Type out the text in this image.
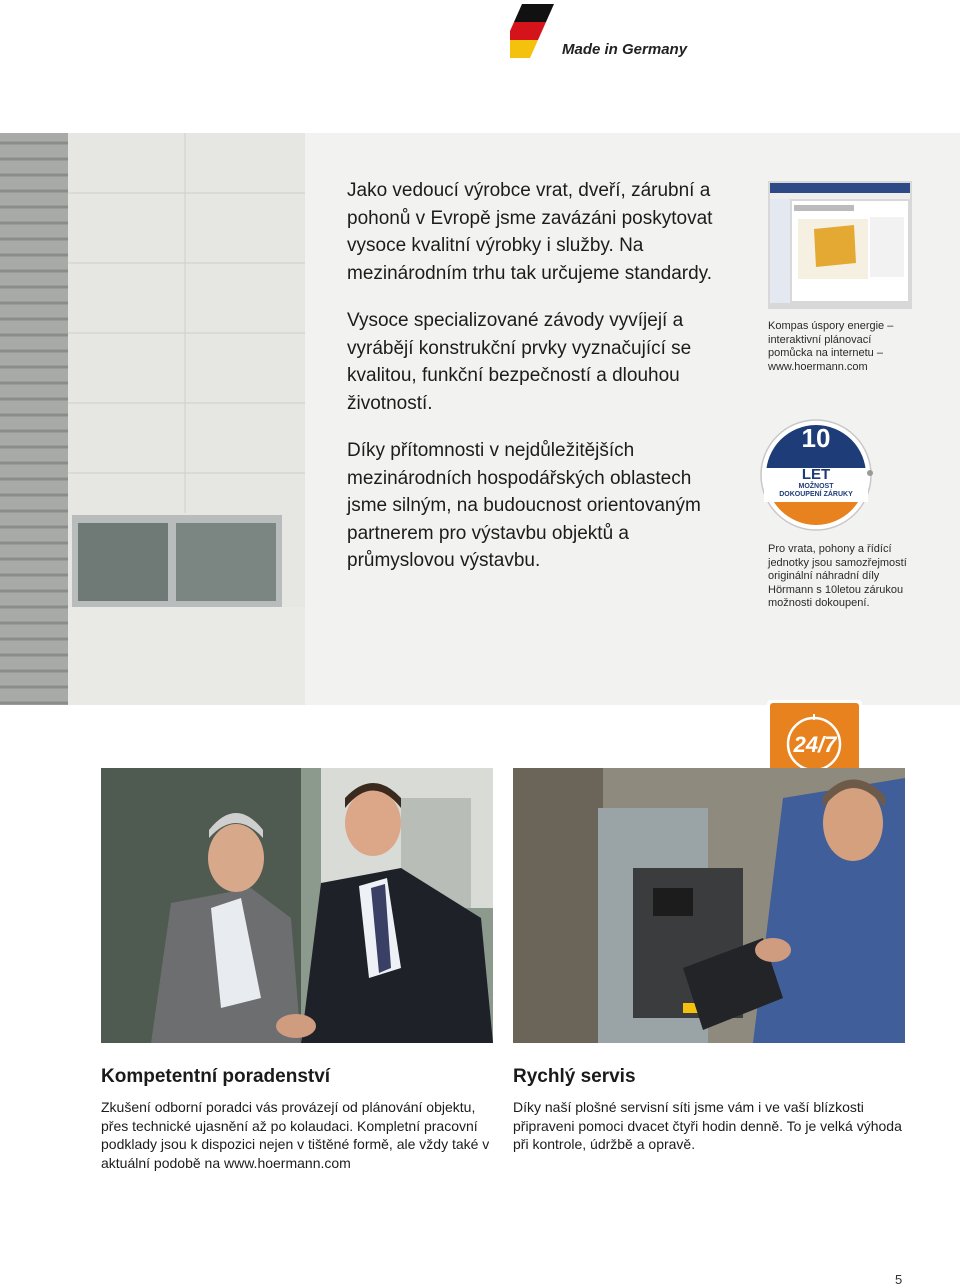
Made in Germany

Jako vedoucí výrobce vrat, dveří, zárubní a pohonů v Evropě jsme zavázáni poskytovat vysoce kvalitní výrobky i služby. Na mezinárodním trhu tak určujeme standardy.

Vysoce specializované závody vyvíjejí a vyrábějí konstrukční prvky vyznačující se kvalitou, funkční bezpečností a dlouhou životností.

Díky přítomnosti v nejdůležitějších mezinárodních hospodářských oblastech jsme silným, na budoucnost orientovaným partnerem pro výstavbu objektů a průmyslovou výstavbu.

Kompas úspory energie – interaktivní plánovací pomůcka na internetu – www.hoermann.com
10
LET
MOŽNOST
DOKOUPENÍ ZÁRUKY
Pro vrata, pohony a řídící jednotky jsou samozřejmostí originální náhradní díly Hörmann s 10letou zárukou možnosti dokoupení.
24/7
Kompetentní poradenství
Zkušení odborní poradci vás provázejí od plánování objektu, přes technické ujasnění až po kolaudaci. Kompletní pracovní podklady jsou k dispozici nejen v tištěné formě, ale vždy také v aktuální podobě na www.hoermann.com
Rychlý servis
Díky naší plošné servisní síti jsme vám i ve vaší blízkosti připraveni pomoci dvacet čtyři hodin denně. To je velká výhoda při kontrole, údržbě a opravě.
5
